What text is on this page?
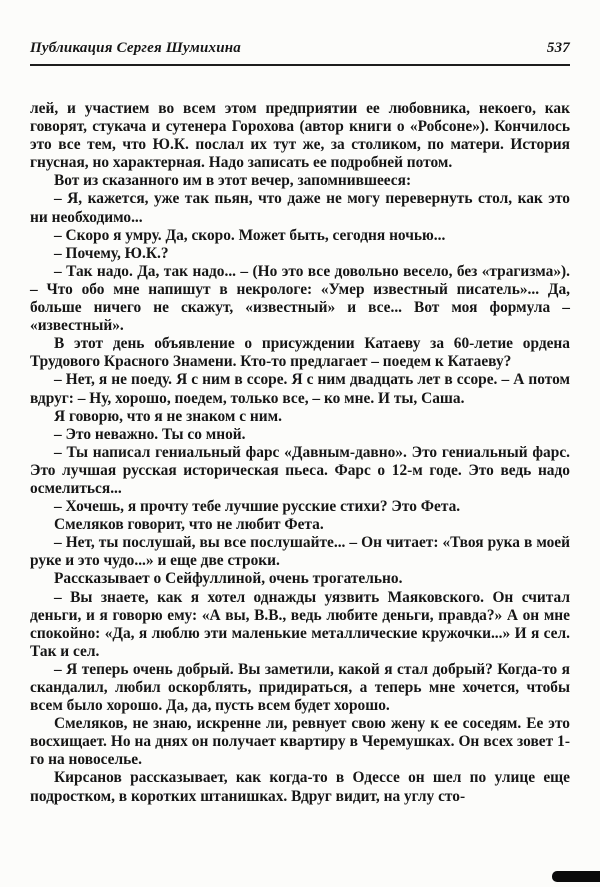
Публикация Сергея Шумихина	537

лей, и участием во всем этом предприятии ее любовника, некоего, как говорят, стукача и сутенера Горохова (автор книги о «Робсоне»). Кончилось это все тем, что Ю.К. послал их тут же, за столиком, по матери. История гнусная, но характерная. Надо записать ее подробней потом.

Вот из сказанного им в этот вечер, запомнившееся:

– Я, кажется, уже так пьян, что даже не могу перевернуть стол, как это ни необходимо...

– Скоро я умру. Да, скоро. Может быть, сегодня ночью...

– Почему, Ю.К.?

– Так надо. Да, так надо... – (Но это все довольно весело, без «трагизма»). – Что обо мне напишут в некрологе: «Умер известный писатель»... Да, больше ничего не скажут, «известный» и все... Вот моя формула – «известный».

В этот день объявление о присуждении Катаеву за 60-летие ордена Трудового Красного Знамени. Кто-то предлагает – поедем к Катаеву?

– Нет, я не поеду. Я с ним в ссоре. Я с ним двадцать лет в ссоре. – А потом вдруг: – Ну, хорошо, поедем, только все, – ко мне. И ты, Саша.

Я говорю, что я не знаком с ним.

– Это неважно. Ты со мной.

– Ты написал гениальный фарс «Давным-давно». Это гениальный фарс. Это лучшая русская историческая пьеса. Фарс о 12-м годе. Это ведь надо осмелиться...

– Хочешь, я прочту тебе лучшие русские стихи? Это Фета.

Смеляков говорит, что не любит Фета.

– Нет, ты послушай, вы все послушайте... – Он читает: «Твоя рука в моей руке и это чудо...» и еще две строки.

Рассказывает о Сейфуллиной, очень трогательно.

– Вы знаете, как я хотел однажды уязвить Маяковского. Он считал деньги, и я говорю ему: «А вы, В.В., ведь любите деньги, правда?» А он мне спокойно: «Да, я люблю эти маленькие металлические кружочки...» И я сел. Так и сел.

– Я теперь очень добрый. Вы заметили, какой я стал добрый? Когда-то я скандалил, любил оскорблять, придираться, а теперь мне хочется, чтобы всем было хорошо. Да, да, пусть всем будет хорошо.

Смеляков, не знаю, искренне ли, ревнует свою жену к ее соседям. Ее это восхищает. Но на днях он получает квартиру в Черемушках. Он всех зовет 1-го на новоселье.

Кирсанов рассказывает, как когда-то в Одессе он шел по улице еще подростком, в коротких штанишках. Вдруг видит, на углу сто-
